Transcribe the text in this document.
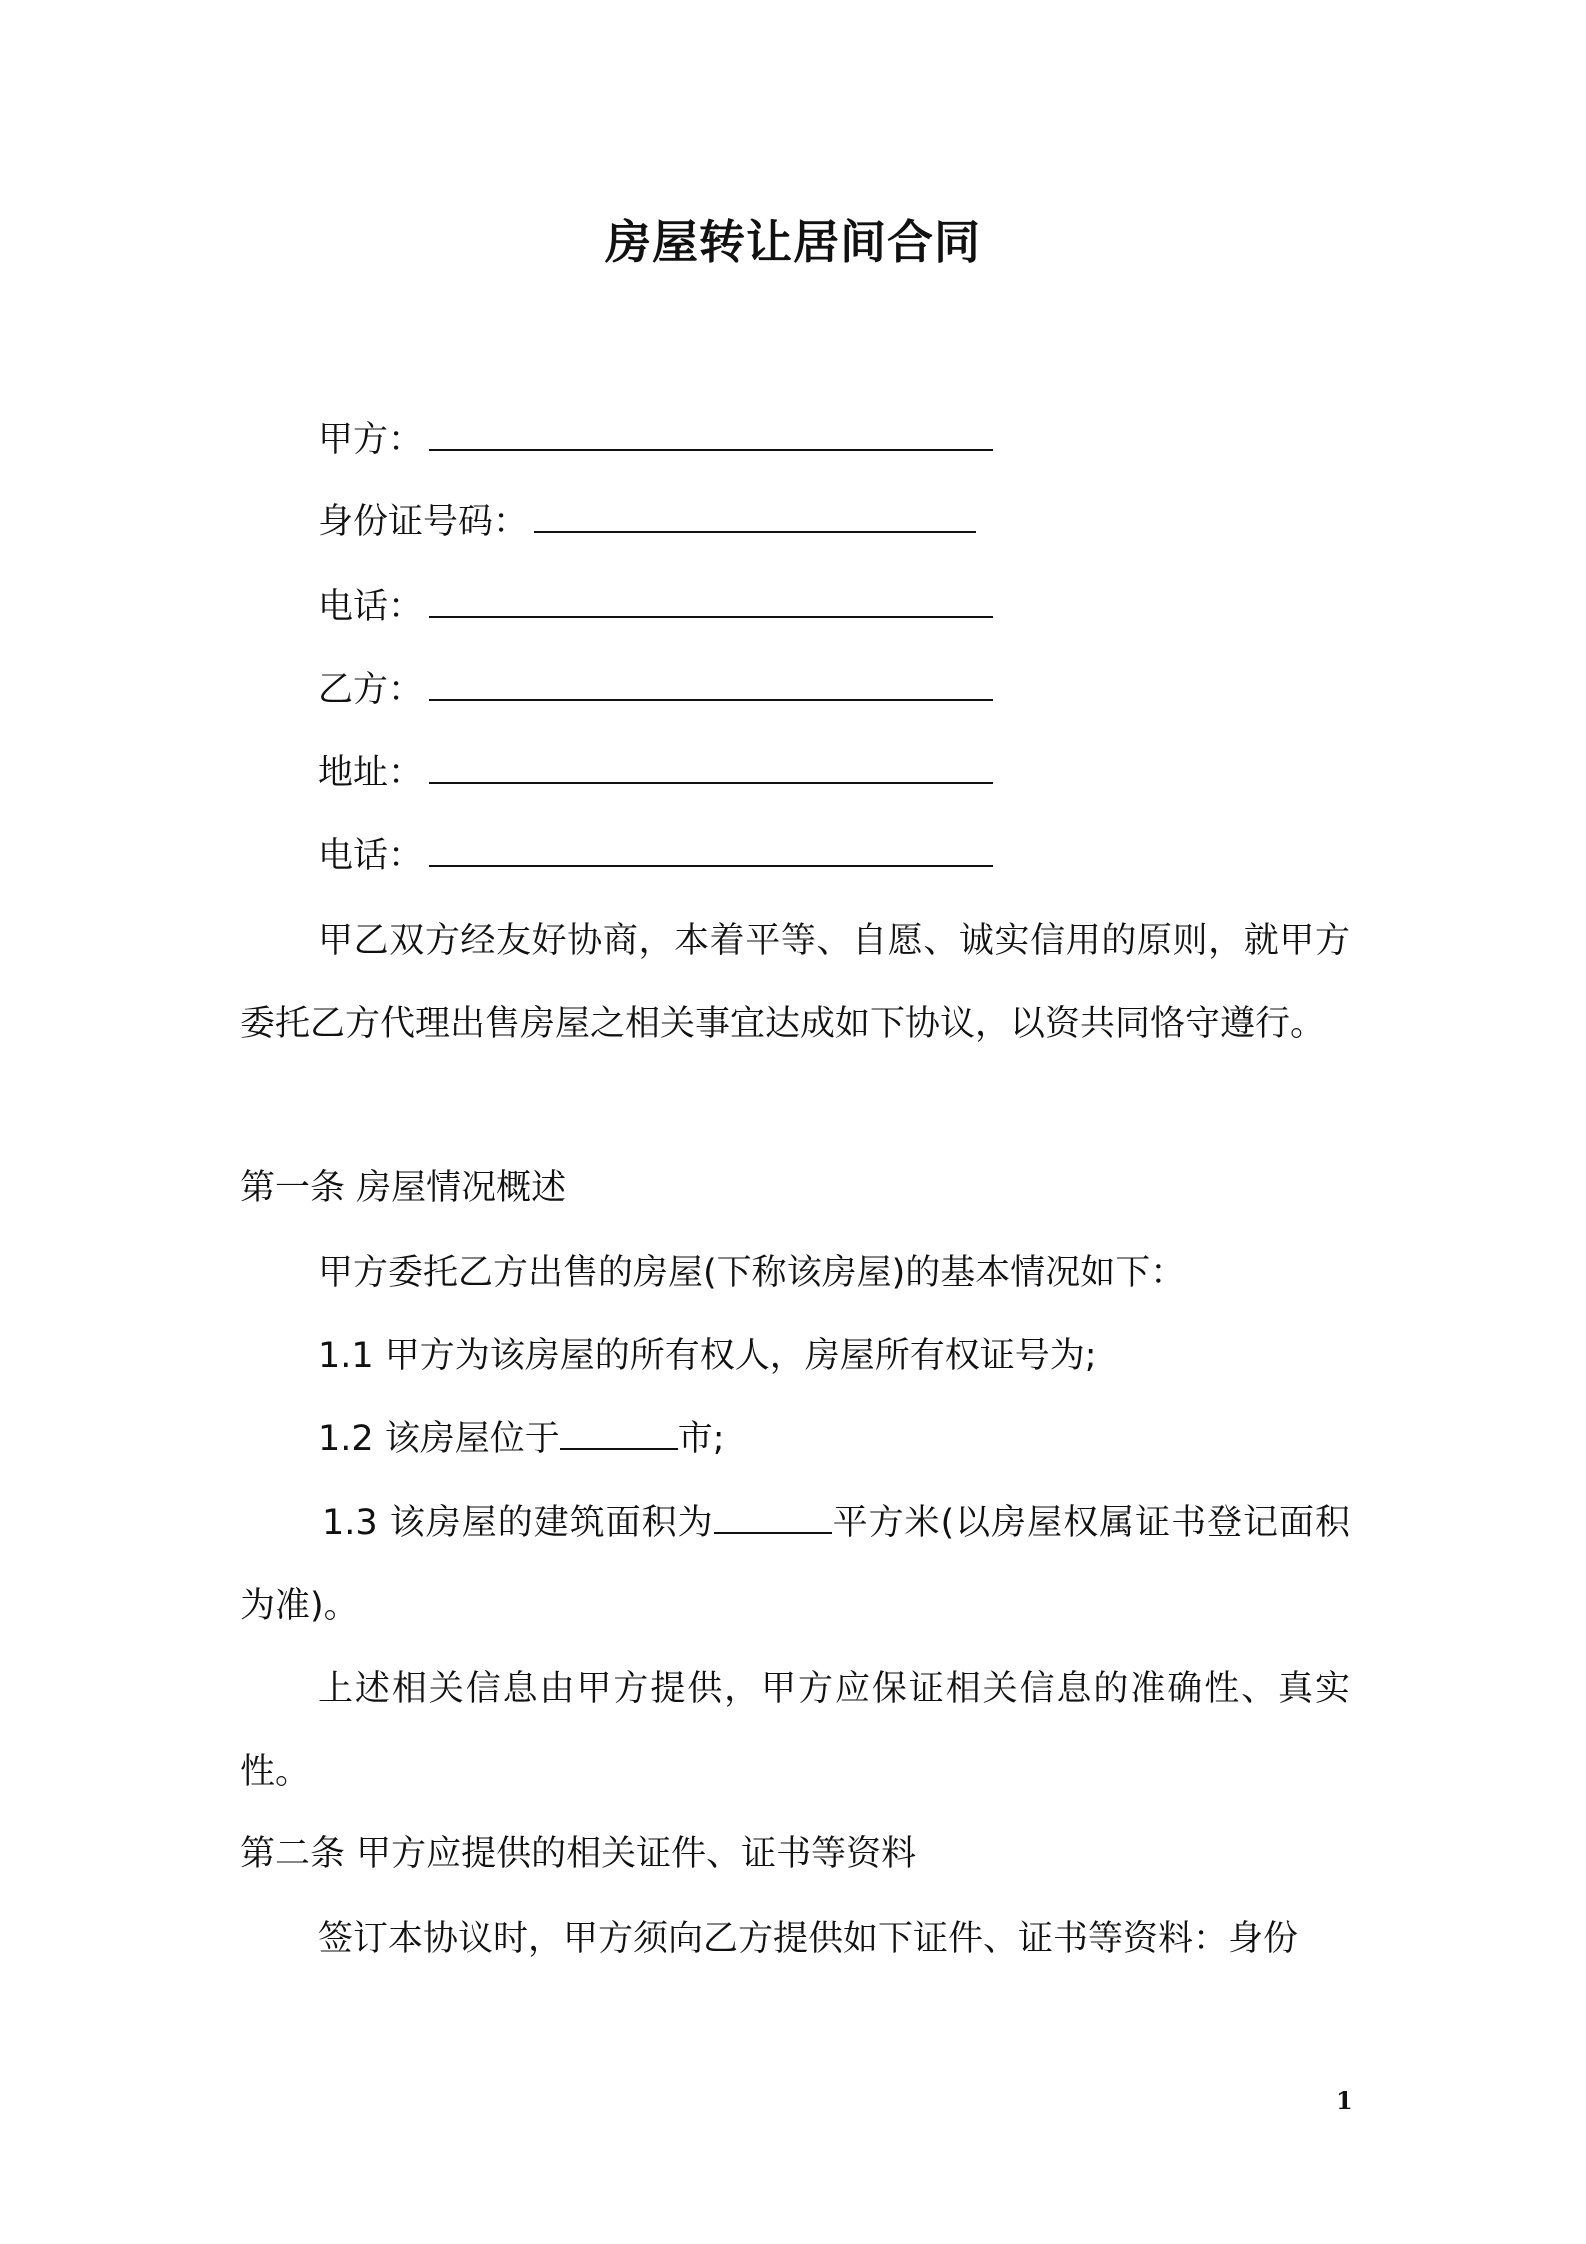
房屋转让居间合同
甲方：
身份证号码：
电话：
乙方：
地址：
电话：
甲乙双方经友好协商，本着平等、自愿、诚实信用的原则，就甲方委托乙方代理出售房屋之相关事宜达成如下协议，以资共同恪守遵行。
第一条 房屋情况概述
甲方委托乙方出售的房屋(下称该房屋)的基本情况如下：
1.1 甲方为该房屋的所有权人，房屋所有权证号为;
1.2 该房屋位于	市;
1.3 该房屋的建筑面积为	平方米(以房屋权属证书登记面积为准)。
上述相关信息由甲方提供，甲方应保证相关信息的准确性、真实性。
第二条 甲方应提供的相关证件、证书等资料
签订本协议时，甲方须向乙方提供如下证件、证书等资料：身份
1
